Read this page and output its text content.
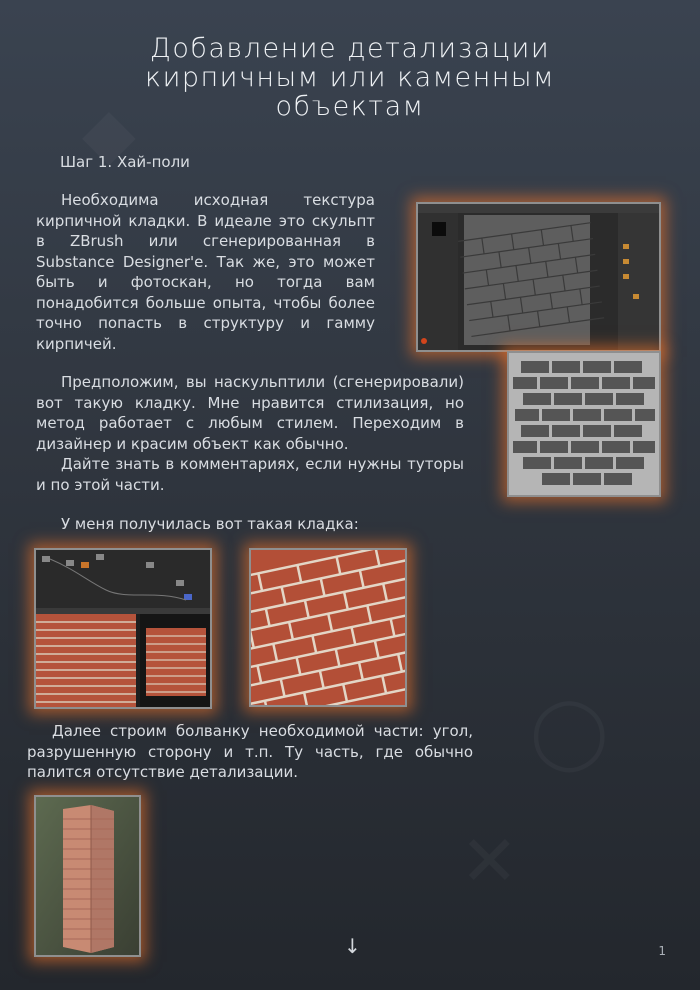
Добавление детализации
кирпичным или каменным
объектам

Шаг 1. Хай-поли

Необходима исходная текстура кирпичной кладки. В идеале это скульпт в ZBrush или сгенерированная в Substance Designer'е. Так же, это может быть и фотоскан, но тогда вам понадобится больше опыта, чтобы более точно попасть в структуру и гамму кирпичей.

Предположим, вы наскульптили (сгенерировали) вот такую кладку. Мне нравится стилизация, но метод работает с любым стилем. Переходим в дизайнер и красим объект как обычно.

Дайте знать в комментариях, если нужны туторы и по этой части.

У меня получилась вот такая кладка:

Далее строим болванку необходимой части: угол, разрушенную сторону и т.п. Ту часть, где обычно палится отсутствие детализации.

↓	1
